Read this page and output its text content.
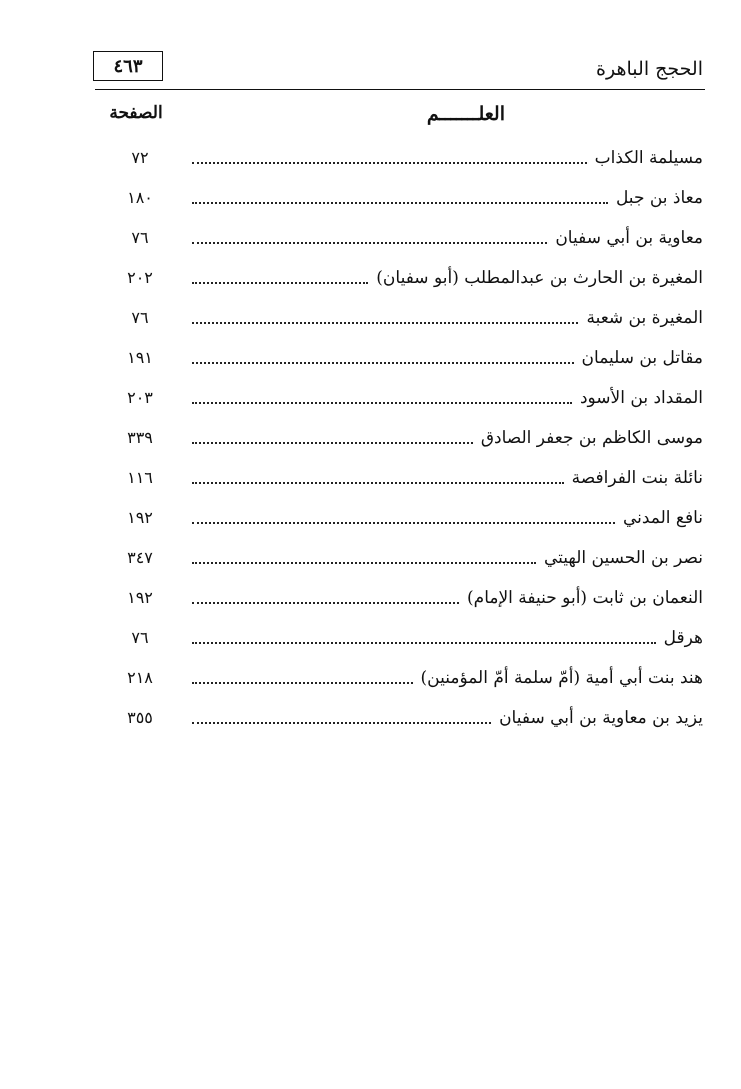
الحجج الباهرة
٤٦٣
العلـــــــم
الصفحة
مسيلمة الكذاب
٧٢
معاذ بن جبل
١٨٠
معاوية بن أبي سفيان
٧٦
المغيرة بن الحارث بن عبدالمطلب (أبو سفيان)
٢٠٢
المغيرة بن شعبة
٧٦
مقاتل بن سليمان
١٩١
المقداد بن الأسود
٢٠٣
موسى الكاظم بن جعفر الصادق
٣٣٩
نائلة بنت الفرافصة
١١٦
نافع المدني
١٩٢
نصر بن الحسين الهيتي
٣٤٧
النعمان بن ثابت (أبو حنيفة الإمام)
١٩٢
هرقل
٧٦
هند بنت أبي أمية (أمّ سلمة أمّ المؤمنين)
٢١٨
يزيد بن معاوية بن أبي سفيان
٣٥٥
